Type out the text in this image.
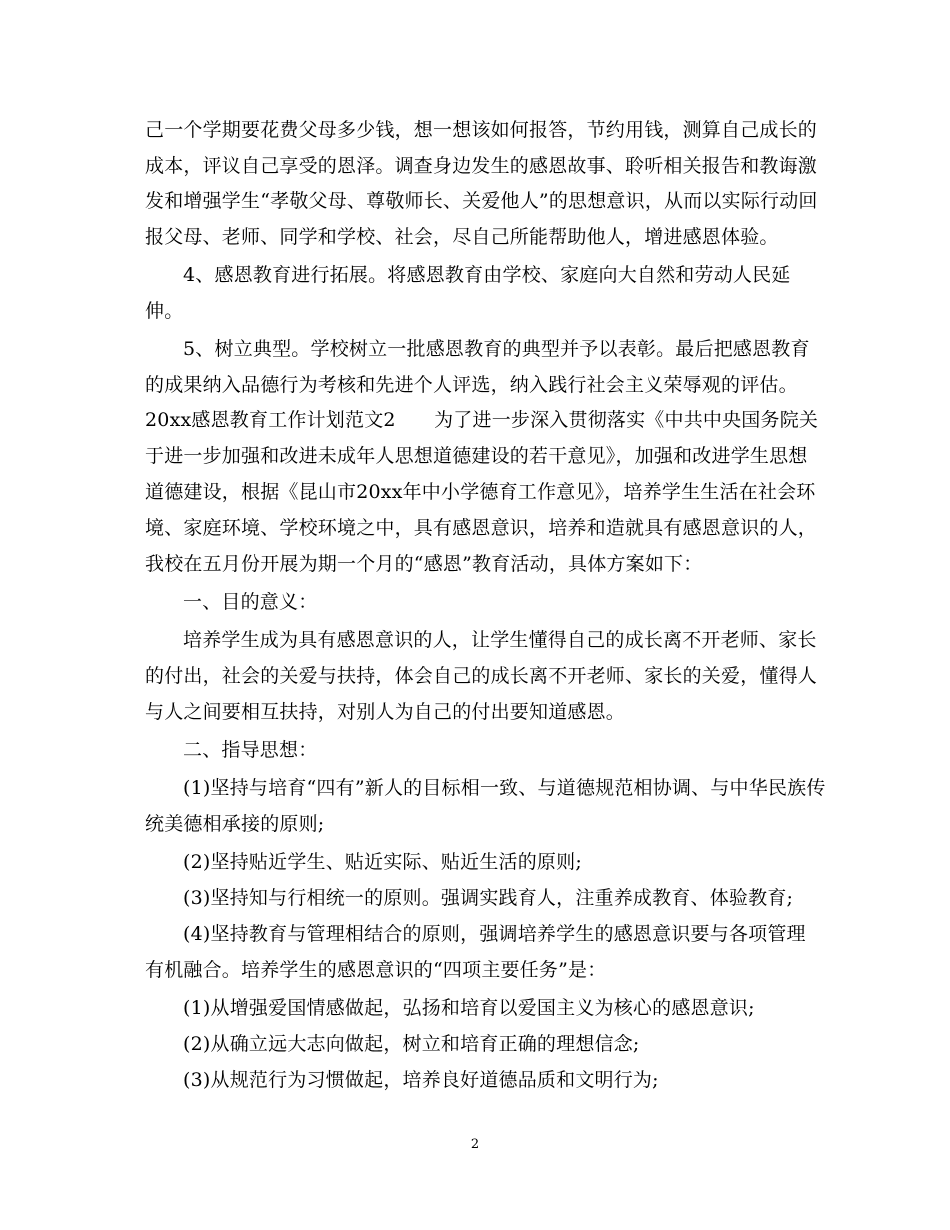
己一个学期要花费父母多少钱，想一想该如何报答，节约用钱，测算自己成长的
成本，评议自己享受的恩泽。调查身边发生的感恩故事、聆听相关报告和教诲激
发和增强学生“孝敬父母、尊敬师长、关爱他人”的思想意识，从而以实际行动回
报父母、老师、同学和学校、社会，尽自己所能帮助他人，增进感恩体验。
4、感恩教育进行拓展。将感恩教育由学校、家庭向大自然和劳动人民延
伸。
5、树立典型。学校树立一批感恩教育的典型并予以表彰。最后把感恩教育
的成果纳入品德行为考核和先进个人评选，纳入践行社会主义荣辱观的评估。
20xx感恩教育工作计划范文2　　为了进一步深入贯彻落实《中共中央国务院关
于进一步加强和改进未成年人思想道德建设的若干意见》，加强和改进学生思想
道德建设，根据《昆山市20xx年中小学德育工作意见》，培养学生生活在社会环
境、家庭环境、学校环境之中，具有感恩意识，培养和造就具有感恩意识的人，
我校在五月份开展为期一个月的“感恩”教育活动，具体方案如下：
一、目的意义：
培养学生成为具有感恩意识的人，让学生懂得自己的成长离不开老师、家长
的付出，社会的关爱与扶持，体会自己的成长离不开老师、家长的关爱，懂得人
与人之间要相互扶持，对别人为自己的付出要知道感恩。
二、指导思想：
(1)坚持与培育“四有”新人的目标相一致、与道德规范相协调、与中华民族传
统美德相承接的原则;
(2)坚持贴近学生、贴近实际、贴近生活的原则;
(3)坚持知与行相统一的原则。强调实践育人，注重养成教育、体验教育;
(4)坚持教育与管理相结合的原则，强调培养学生的感恩意识要与各项管理
有机融合。培养学生的感恩意识的“四项主要任务”是：
(1)从增强爱国情感做起，弘扬和培育以爱国主义为核心的感恩意识;
(2)从确立远大志向做起，树立和培育正确的理想信念;
(3)从规范行为习惯做起，培养良好道德品质和文明行为;
2
